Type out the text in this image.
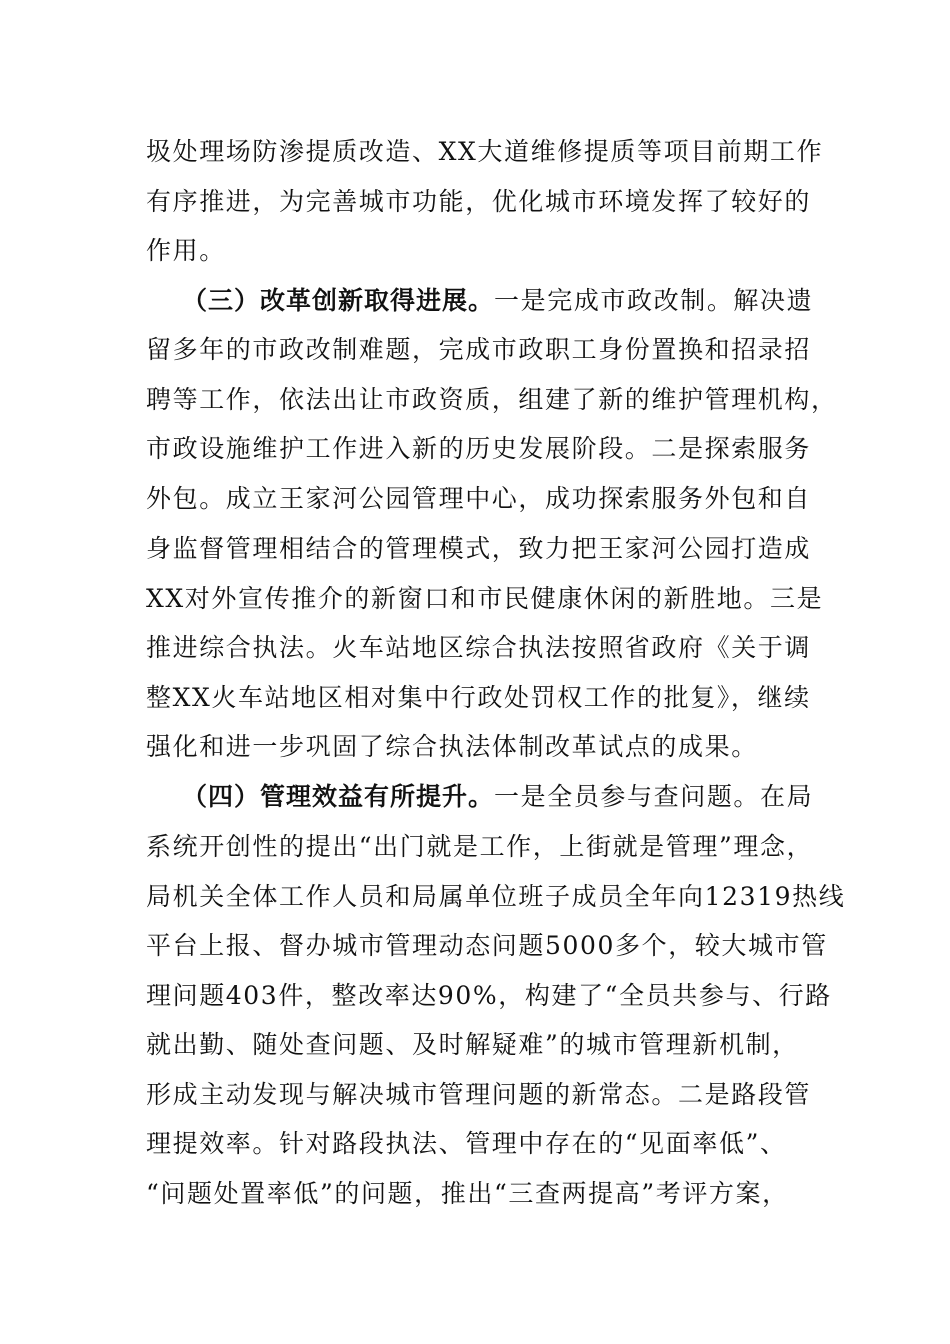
圾处理场防渗提质改造、XX大道维修提质等项目前期工作
有序推进，为完善城市功能，优化城市环境发挥了较好的
作用。
（三）改革创新取得进展。一是完成市政改制。解决遗
留多年的市政改制难题，完成市政职工身份置换和招录招
聘等工作，依法出让市政资质，组建了新的维护管理机构，
市政设施维护工作进入新的历史发展阶段。二是探索服务
外包。成立王家河公园管理中心，成功探索服务外包和自
身监督管理相结合的管理模式，致力把王家河公园打造成
XX对外宣传推介的新窗口和市民健康休闲的新胜地。三是
推进综合执法。火车站地区综合执法按照省政府《关于调
整XX火车站地区相对集中行政处罚权工作的批复》，继续
强化和进一步巩固了综合执法体制改革试点的成果。
（四）管理效益有所提升。一是全员参与查问题。在局
系统开创性的提出“出门就是工作，上街就是管理”理念，
局机关全体工作人员和局属单位班子成员全年向12319热线
平台上报、督办城市管理动态问题5000多个，较大城市管
理问题403件，整改率达90%，构建了“全员共参与、行路
就出勤、随处查问题、及时解疑难”的城市管理新机制，
形成主动发现与解决城市管理问题的新常态。二是路段管
理提效率。针对路段执法、管理中存在的“见面率低”、
“问题处置率低”的问题，推出“三查两提高”考评方案，
